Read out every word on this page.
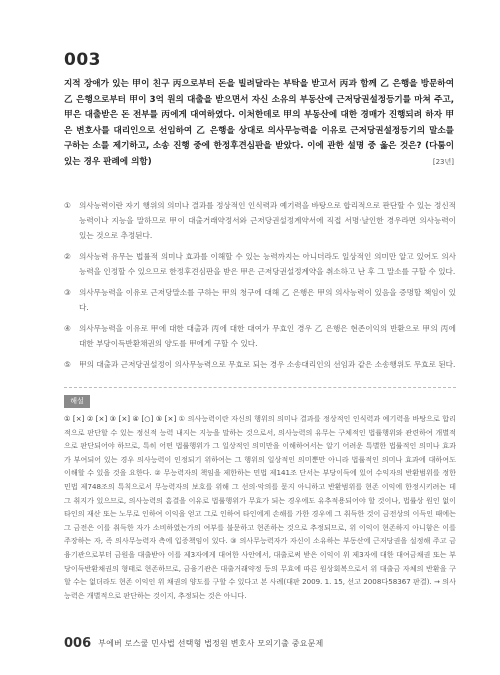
003
지적 장애가 있는 甲이 친구 丙으로부터 돈을 빌려달라는 부탁을 받고서 丙과 함께 乙 은행을 방문하여 乙 은행으로부터 甲이 3억 원의 대출을 받으면서 자신 소유의 부동산에 근저당권설정등기를 마쳐 주고, 甲은 대출받은 돈 전부를 丙에게 대여하였다. 이처한데로 甲의 부동산에 대한 경매가 진행되려 하자 甲은 변호사를 대리인으로 선임하여 乙 은행을 상대로 의사무능력을 이유로 근저당권설정등기의 말소를 구하는 소를 제기하고, 소송 진행 중에 한정후견심판을 받았다. 이에 관한 설명 중 옳은 것은? (다툼이 있는 경우 판례에 의함)	[23년]
①	의사능력이란 자기 행위의 의미나 결과를 정상적인 인식력과 예기력을 바탕으로 합리적으로 판단할 수 있는 정신적 능력이나 지능을 말하므로 甲이 대출거래약정서와 근저당권설정계약서에 직접 서명·날인한 경우라면 의사능력이 있는 것으로 추정된다.
②	의사능력 유무는 법률적 의미나 효과를 이해할 수 있는 능력까지는 아니더라도 일상적인 의미만 알고 있어도 의사능력을 인정할 수 있으므로 한정후견심판을 받은 甲은 근저당권설정계약을 취소하고 난 후 그 말소를 구할 수 있다.
③	의사무능력을 이유로 근저당말소를 구하는 甲의 청구에 대해 乙 은행은 甲의 의사능력이 있음을 증명할 책임이 있다.
④	의사무능력을 이유로 甲에 대한 대출과 丙에 대한 대여가 무효인 경우 乙 은행은 현존이익의 반환으로 甲의 丙에 대한 부당이득반환채권의 양도를 甲에게 구할 수 있다.
⑤	甲의 대출과 근저당권설정이 의사무능력으로 무효로 되는 경우 소송대리인의 선임과 같은 소송행위도 무효로 된다.
해설
① [×] ② [×] ③ [×] ④ [○] ⑤ [×] ① 의사능력이란 자신의 행위의 의미나 결과를 정상적인 인식력과 예기력을 바탕으로 합리적으로 판단할 수 있는 정신적 능력 내지는 지능을 말하는 것으로서, 의사능력의 유무는 구체적인 법률행위와 관련하여 개별적으로 판단되어야 하므로, 특히 어떤 법률행위가 그 일상적인 의미만을 이해하여서는 알기 어려운 특별한 법률적인 의미나 효과가 부여되어 있는 경우 의사능력이 인정되기 위하여는 그 행위의 일상적인 의미뿐만 아니라 법률적인 의미나 효과에 대하여도 이해할 수 있을 것을 요한다. ② 무능력자의 책임을 제한하는 민법 제141조 단서는 부당이득에 있어 수익자의 반환범위를 정한 민법 제748조의 특칙으로서 무능력자의 보호를 위해 그 선의·악의를 묻지 아니하고 반환범위를 현존 이익에 한정시키려는 데 그 취지가 있으므로, 의사능력의 흠결을 이유로 법률행위가 무효가 되는 경우에도 유추적용되어야 할 것이나, 법률상 원인 없이 타인의 재산 또는 노무로 인하여 이익을 얻고 그로 인하여 타인에게 손해를 가한 경우에 그 취득한 것이 금전상의 이득인 때에는 그 금전은 이를 취득한 자가 소비하였는가의 여부를 불문하고 현존하는 것으로 추정되므로, 위 이익이 현존하지 아니함은 이를 주장하는 자, 즉 의사무능력자 측에 입증책임이 있다. ③ 의사무능력자가 자신이 소유하는 부동산에 근저당권을 설정해 주고 금융기관으로부터 금원을 대출받아 이를 제3자에게 대여한 사안에서, 대출로써 받은 이익이 위 제3자에 대한 대여금채권 또는 부당이득반환채권의 형태로 현존하므로, 금융기관은 대출거래약정 등의 무효에 따른 원상회복으로서 위 대출금 자체의 반환을 구할 수는 없더라도 현존 이익인 위 채권의 양도를 구할 수 있다고 본 사례(대판 2009. 1. 15, 선고 2008다58367 판결). → 의사능력은 개별적으로 판단하는 것이지, 추정되는 것은 아니다.
006 부에버 로스쿨 민사법 선택형 법정원 변호사 모의기출 중요문제
